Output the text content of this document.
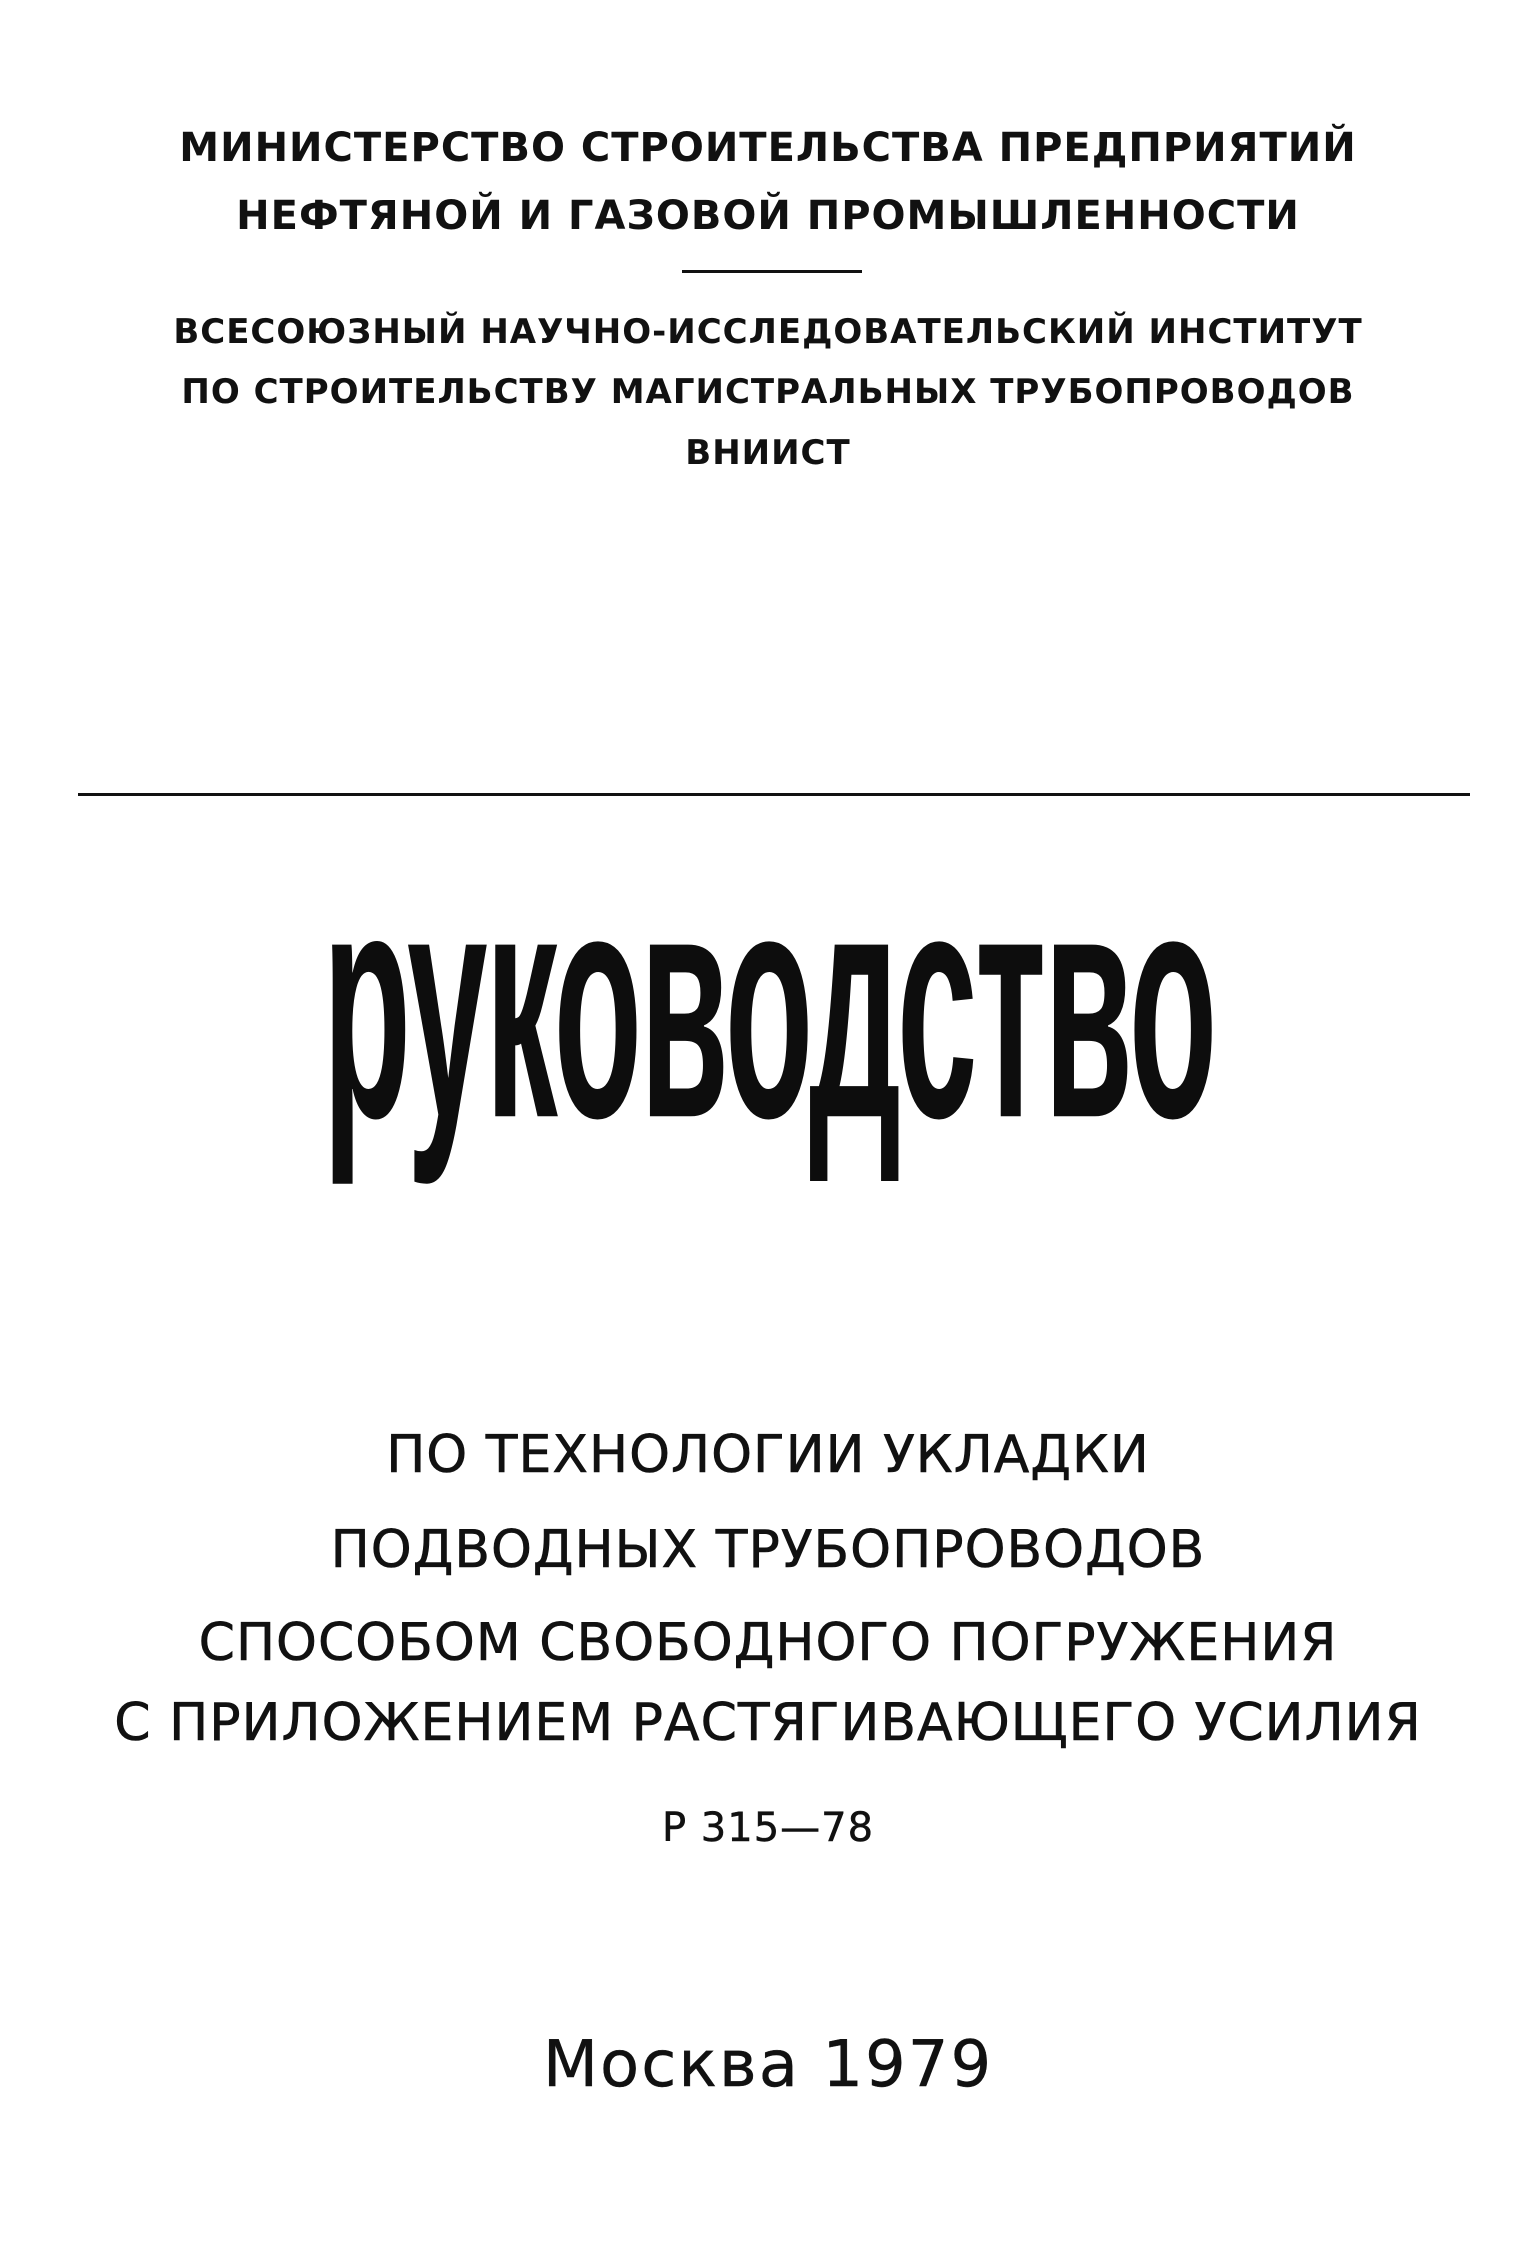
МИНИСТЕРСТВО СТРОИТЕЛЬСТВА ПРЕДПРИЯТИЙ
НЕФТЯНОЙ И ГАЗОВОЙ ПРОМЫШЛЕННОСТИ
ВСЕСОЮЗНЫЙ НАУЧНО-ИССЛЕДОВАТЕЛЬСКИЙ ИНСТИТУТ
ПО СТРОИТЕЛЬСТВУ МАГИСТРАЛЬНЫХ ТРУБОПРОВОДОВ
ВНИИСТ
руководство
ПО ТЕХНОЛОГИИ УКЛАДКИ
ПОДВОДНЫХ ТРУБОПРОВОДОВ
СПОСОБОМ СВОБОДНОГО ПОГРУЖЕНИЯ
С ПРИЛОЖЕНИЕМ РАСТЯГИВАЮЩЕГО УСИЛИЯ
Р 315—78
Москва 1979
